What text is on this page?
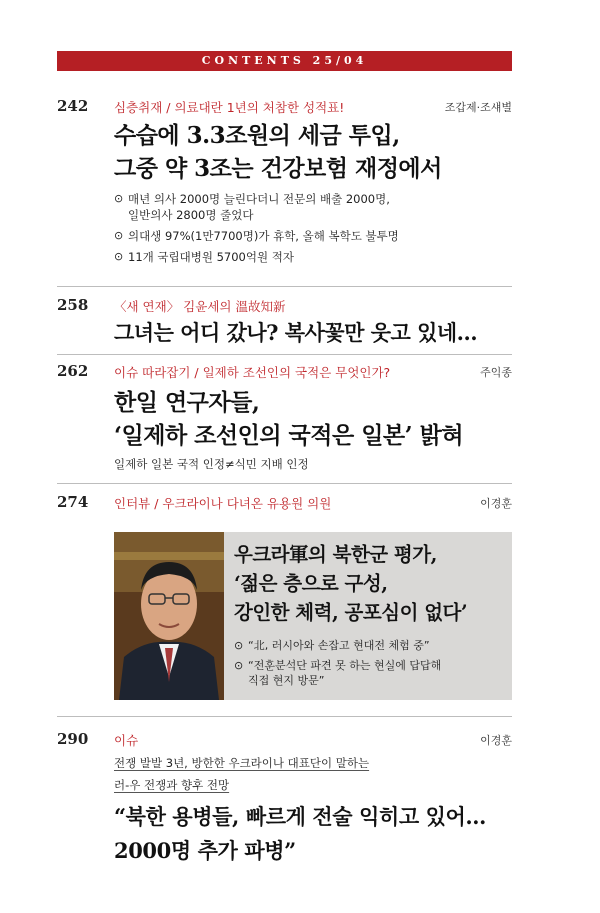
CONTENTS 25/04
242 심층취재 / 의료대란 1년의 처참한 성적표!	조갑제·조섀별
수습에 3.3조원의 세금 투입,
그중 약 3조는 건강보험 재정에서
⊙ 매년 의사 2000명 늘린다더니 전문의 배출 2000명,
일반의사 2800명 줄었다
⊙ 의대생 97%(1만7700명)가 휴학, 올해 복학도 불투명
⊙ 11개 국립대병원 5700억원 적자
258 〈새 연재〉 김윤세의 溫故知新
그녀는 어디 갔나? 복사꽃만 웃고 있네…
262 이슈 따라잡기 / 일제하 조선인의 국적은 무엇인가?	주익종
한일 연구자들,
‘일제하 조선인의 국적은 일본’ 밝혀
일제하 일본 국적 인정≠식민 지배 인정
274 인터뷰 / 우크라이나 다녀온 유용원 의원	이경훈
우크라軍의 북한군 평가,
‘젊은 층으로 구성,
강인한 체력, 공포심이 없다’
⊙ “北, 러시아와 손잡고 현대전 체험 중”
⊙ “전훈분석단 파견 못 하는 현실에 답답해
직접 현지 방문”
290 이슈	이경훈
전쟁 발발 3년, 방한한 우크라이나 대표단이 말하는
러-우 전쟁과 향후 전망
“북한 용병들, 빠르게 전술 익히고 있어…
2000명 추가 파병”
